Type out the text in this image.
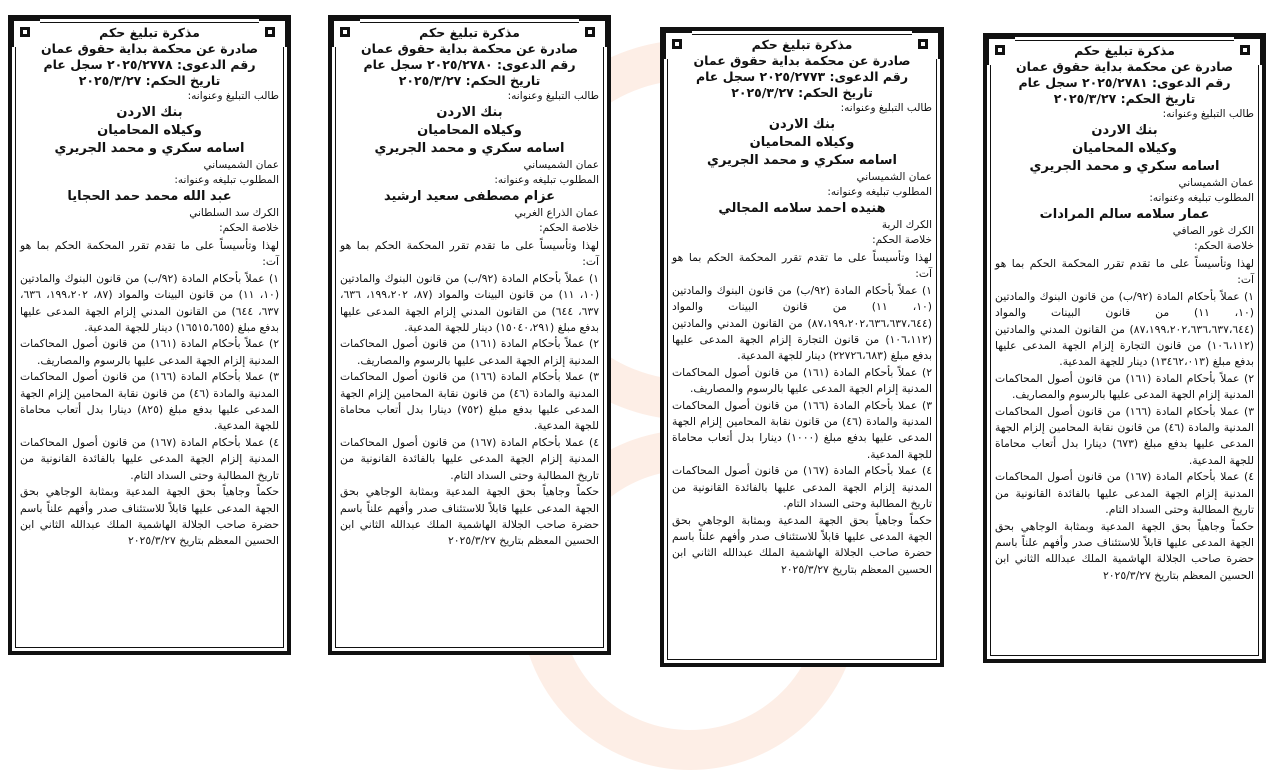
مذكرة تبليغ حكم
صادرة عن محكمة بداية حقوق عمان
رقم الدعوى: ٢٠٢٥/٢٧٧٨ سجل عام
تاريخ الحكم: ٢٠٢٥/٣/٢٧
طالب التبليغ وعنوانه:
بنك الاردن
وكيلاه المحاميان
اسامه سكري و محمد الجريري
عمان الشميساني
المطلوب تبليغه وعنوانه:
عبد الله محمد حمد الحجايا
الكرك سد السلطاني
خلاصة الحكم:
لهذا وتأسيساً على ما تقدم تقرر المحكمة الحكم بما هو آت:
١) عملاً بأحكام المادة (٩٢/ب) من قانون البنوك والمادتين (١٠، ١١) من قانون البينات والمواد (٨٧، ١٩٩،٢٠٢، ٦٣٦، ٦٣٧، ٦٤٤) من القانون المدني إلزام الجهة المدعى عليها بدفع مبلغ (١٦٥١٥،٦٥٥) دينار للجهة المدعية.
٢) عملاً بأحكام المادة (١٦١) من قانون أصول المحاكمات المدنية إلزام الجهة المدعى عليها بالرسوم والمصاريف.
٣) عملا بأحكام المادة (١٦٦) من قانون أصول المحاكمات المدنية والمادة (٤٦) من قانون نقابة المحامين إلزام الجهة المدعى عليها بدفع مبلغ (٨٢٥) دينارا بدل أتعاب محاماة للجهة المدعية.
٤) عملا بأحكام المادة (١٦٧) من قانون أصول المحاكمات المدنية إلزام الجهة المدعى عليها بالفائدة القانونية من تاريخ المطالبة وحتى السداد التام.
حكماً وجاهياً بحق الجهة المدعية وبمثابة الوجاهي بحق الجهة المدعى عليها قابلاً للاستئناف صدر وأفهم علناً باسم حضرة صاحب الجلالة الهاشمية الملك عبدالله الثاني ابن الحسين المعظم بتاريخ ٢٠٢٥/٣/٢٧
مذكرة تبليغ حكم
صادرة عن محكمة بداية حقوق عمان
رقم الدعوى: ٢٠٢٥/٢٧٨٠ سجل عام
تاريخ الحكم: ٢٠٢٥/٣/٢٧
طالب التبليغ وعنوانه:
بنك الاردن
وكيلاه المحاميان
اسامه سكري و محمد الجريري
عمان الشميساني
المطلوب تبليغه وعنوانه:
عزام مصطفى سعيد ارشيد
عمان الذراع الغربي
خلاصة الحكم:
لهذا وتأسيساً على ما تقدم تقرر المحكمة الحكم بما هو آت:
١) عملاً بأحكام المادة (٩٢/ب) من قانون البنوك والمادتين (١٠، ١١) من قانون البينات والمواد (٨٧، ١٩٩،٢٠٢، ٦٣٦، ٦٣٧، ٦٤٤) من القانون المدني إلزام الجهة المدعى عليها بدفع مبلغ (١٥٠٤٠،٢٩١) دينار للجهة المدعية.
٢) عملاً بأحكام المادة (١٦١) من قانون أصول المحاكمات المدنية إلزام الجهة المدعى عليها بالرسوم والمصاريف.
٣) عملا بأحكام المادة (١٦٦) من قانون أصول المحاكمات المدنية والمادة (٤٦) من قانون نقابة المحامين إلزام الجهة المدعى عليها بدفع مبلغ (٧٥٢) دينارا بدل أتعاب محاماة للجهة المدعية.
٤) عملا بأحكام المادة (١٦٧) من قانون أصول المحاكمات المدنية إلزام الجهة المدعى عليها بالفائدة القانونية من تاريخ المطالبة وحتى السداد التام.
حكماً وجاهياً بحق الجهة المدعية وبمثابة الوجاهي بحق الجهة المدعى عليها قابلاً للاستئناف صدر وأفهم علناً باسم حضرة صاحب الجلالة الهاشمية الملك عبدالله الثاني ابن الحسين المعظم بتاريخ ٢٠٢٥/٣/٢٧
مذكرة تبليغ حكم
صادرة عن محكمة بداية حقوق عمان
رقم الدعوى: ٢٠٢٥/٢٧٧٣ سجل عام
تاريخ الحكم: ٢٠٢٥/٣/٢٧
طالب التبليغ وعنوانه:
بنك الاردن
وكيلاه المحاميان
اسامه سكري و محمد الجريري
عمان الشميساني
المطلوب تبليغه وعنوانه:
هنيده احمد سلامه المجالي
الكرك الربة
خلاصة الحكم:
لهذا وتأسيساً على ما تقدم تقرر المحكمة الحكم بما هو آت:
١) عملاً بأحكام المادة (٩٢/ب) من قانون البنوك والمادتين (١٠، ١١) من قانون البينات والمواد (٨٧،١٩٩،٢٠٢،٦٣٦،٦٣٧،٦٤٤) من القانون المدني والمادتين (١٠٦،١١٢) من قانون التجارة إلزام الجهة المدعى عليها بدفع مبلغ (٢٢٧٢٦،٦٨٣) دينار للجهة المدعية.
٢) عملاً بأحكام المادة (١٦١) من قانون أصول المحاكمات المدنية إلزام الجهة المدعى عليها بالرسوم والمصاريف.
٣) عملا بأحكام المادة (١٦٦) من قانون أصول المحاكمات المدنية والمادة (٤٦) من قانون نقابة المحامين إلزام الجهة المدعى عليها بدفع مبلغ (١٠٠٠) دينارا بدل أتعاب محاماة للجهة المدعية.
٤) عملا بأحكام المادة (١٦٧) من قانون أصول المحاكمات المدنية إلزام الجهة المدعى عليها بالفائدة القانونية من تاريخ المطالبة وحتى السداد التام.
حكماً وجاهياً بحق الجهة المدعية وبمثابة الوجاهي بحق الجهة المدعى عليها قابلاً للاستئناف صدر وأفهم علناً باسم حضرة صاحب الجلالة الهاشمية الملك عبدالله الثاني ابن الحسين المعظم بتاريخ ٢٠٢٥/٣/٢٧
مذكرة تبليغ حكم
صادرة عن محكمة بداية حقوق عمان
رقم الدعوى: ٢٠٢٥/٢٧٨١ سجل عام
تاريخ الحكم: ٢٠٢٥/٣/٢٧
طالب التبليغ وعنوانه:
بنك الاردن
وكيلاه المحاميان
اسامه سكري و محمد الجريري
عمان الشميساني
المطلوب تبليغه وعنوانه:
عمار سلامه سالم المرادات
الكرك غور الصافي
خلاصة الحكم:
لهذا وتأسيساً على ما تقدم تقرر المحكمة الحكم بما هو آت:
١) عملاً بأحكام المادة (٩٢/ب) من قانون البنوك والمادتين (١٠، ١١) من قانون البينات والمواد (٨٧،١٩٩،٢٠٢،٦٣٦،٦٣٧،٦٤٤) من القانون المدني والمادتين (١٠٦،١١٢) من قانون التجارة إلزام الجهة المدعى عليها بدفع مبلغ (١٣٤٦٢،٠١٣) دينار للجهة المدعية.
٢) عملاً بأحكام المادة (١٦١) من قانون أصول المحاكمات المدنية إلزام الجهة المدعى عليها بالرسوم والمصاريف.
٣) عملا بأحكام المادة (١٦٦) من قانون أصول المحاكمات المدنية والمادة (٤٦) من قانون نقابة المحامين إلزام الجهة المدعى عليها بدفع مبلغ (٦٧٣) دينارا بدل أتعاب محاماة للجهة المدعية.
٤) عملا بأحكام المادة (١٦٧) من قانون أصول المحاكمات المدنية إلزام الجهة المدعى عليها بالفائدة القانونية من تاريخ المطالبة وحتى السداد التام.
حكماً وجاهياً بحق الجهة المدعية وبمثابة الوجاهي بحق الجهة المدعى عليها قابلاً للاستئناف صدر وأفهم علناً باسم حضرة صاحب الجلالة الهاشمية الملك عبدالله الثاني ابن الحسين المعظم بتاريخ ٢٠٢٥/٣/٢٧
